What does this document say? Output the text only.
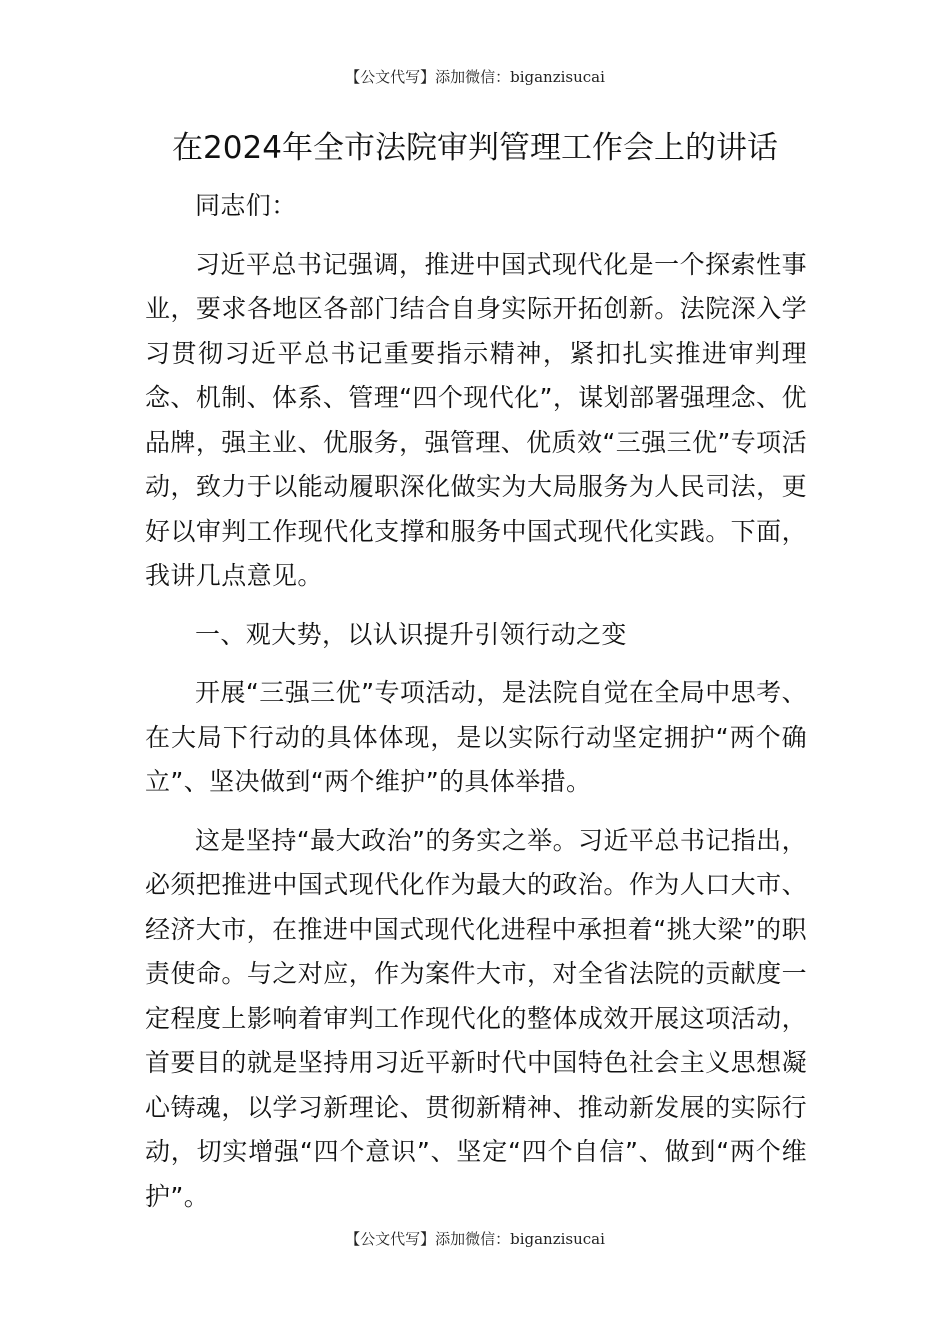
【公文代写】添加微信：biganzisucai
在2024年全市法院审判管理工作会上的讲话

同志们：

习近平总书记强调，推进中国式现代化是一个探索性事业，要求各地区各部门结合自身实际开拓创新。法院深入学习贯彻习近平总书记重要指示精神，紧扣扎实推进审判理念、机制、体系、管理“四个现代化”，谋划部署强理念、优品牌，强主业、优服务，强管理、优质效“三强三优”专项活动，致力于以能动履职深化做实为大局服务为人民司法，更好以审判工作现代化支撑和服务中国式现代化实践。下面，我讲几点意见。

一、观大势，以认识提升引领行动之变

开展“三强三优”专项活动，是法院自觉在全局中思考、在大局下行动的具体体现，是以实际行动坚定拥护“两个确立”、坚决做到“两个维护”的具体举措。

这是坚持“最大政治”的务实之举。习近平总书记指出，必须把推进中国式现代化作为最大的政治。作为人口大市、经济大市，在推进中国式现代化进程中承担着“挑大梁”的职责使命。与之对应，作为案件大市，对全省法院的贡献度一定程度上影响着审判工作现代化的整体成效开展这项活动，首要目的就是坚持用习近平新时代中国特色社会主义思想凝心铸魂，以学习新理论、贯彻新精神、推动新发展的实际行动，切实增强“四个意识”、坚定“四个自信”、做到“两个维护”。

【公文代写】添加微信：biganzisucai
